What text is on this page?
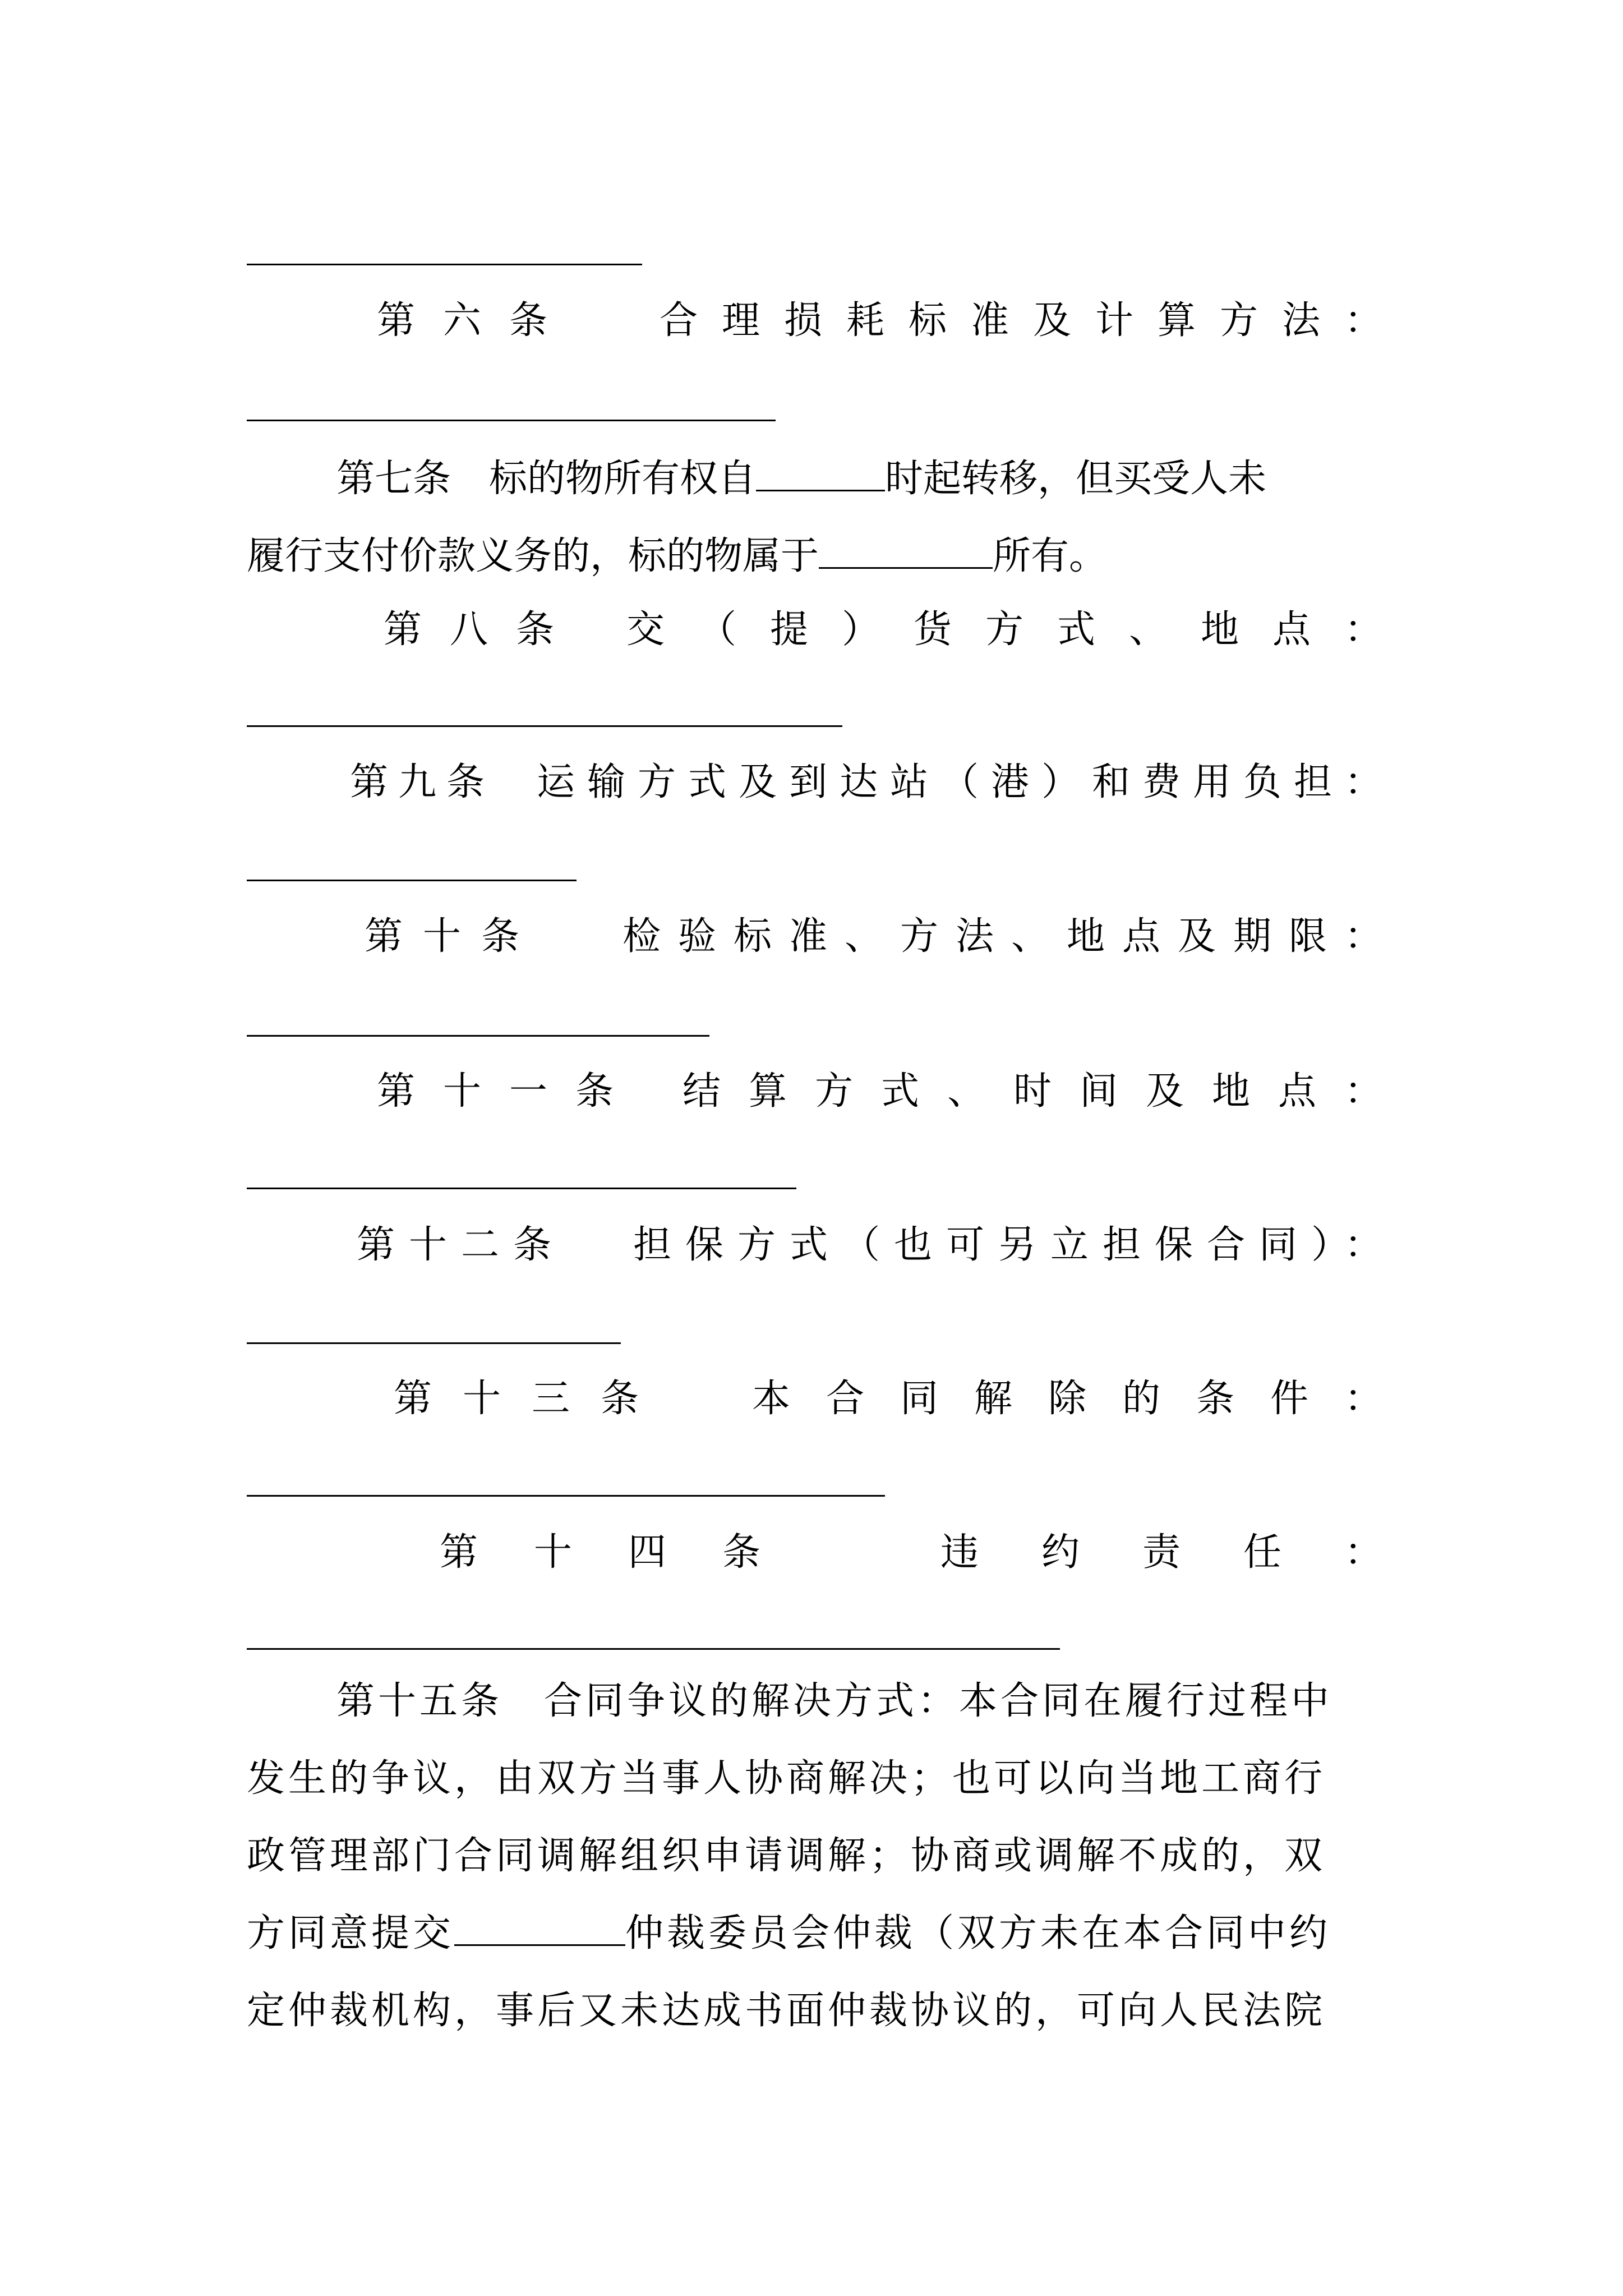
第六条 合理损耗标准及计算方法：
第七条　标的物所有权自	时起转移，但买受人未
履行支付价款义务的，标的物属于	所有。
第八条 交（提）货方式、地点：
第九条 运输方式及到达站（港）和费用负担：
第十条 检验标准、方法、地点及期限：
第十一条 结算方式、时间及地点：
第十二条 担保方式（也可另立担保合同）：
第十三条 本合同解除的条件：
第十四条	违约责任：
第十五条　合同争议的解决方式：本合同在履行过程中
发生的争议，由双方当事人协商解决；也可以向当地工商行
政管理部门合同调解组织申请调解；协商或调解不成的，双
方同意提交	仲裁委员会仲裁（双方未在本合同中约
定仲裁机构，事后又未达成书面仲裁协议的，可向人民法院
